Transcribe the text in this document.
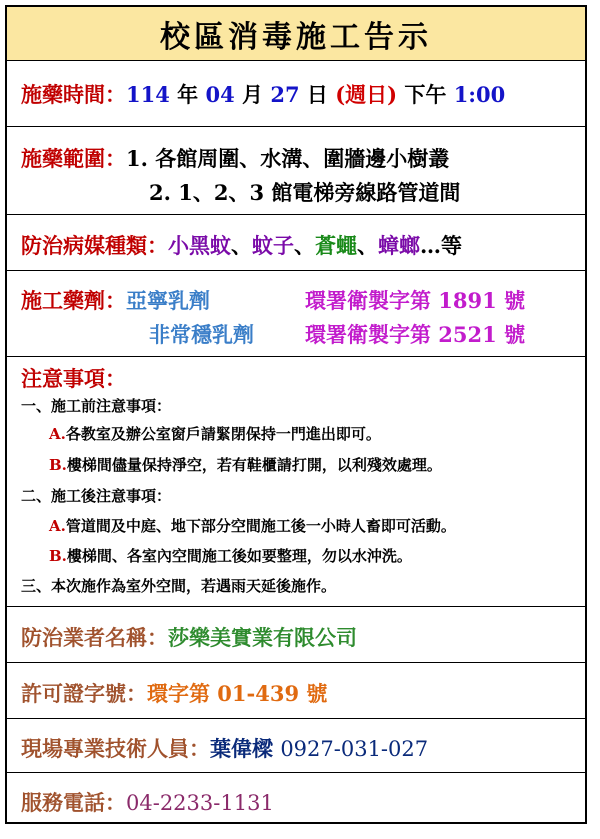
校區消毒施工告示
施藥時間：114 年 04 月 27 日 (週日) 下午 1:00
施藥範圍：1. 各館周圍、水溝、圍牆邊小樹叢
2. 1、2、3 館電梯旁線路管道間
防治病媒種類：小黑蚊、蚊子、蒼蠅、蟑螂…等
施工藥劑：亞寧乳劑	環署衛製字第 1891 號
非常穩乳劑 環署衛製字第 2521 號
注意事項：
一、施工前注意事項：
A.各教室及辦公室窗戶請緊閉保持一門進出即可。
B.樓梯間儘量保持淨空，若有鞋櫃請打開，以利殘效處理。
二、施工後注意事項：
A.管道間及中庭、地下部分空間施工後一小時人畜即可活動。
B.樓梯間、各室內空間施工後如要整理，勿以水沖洗。
三、本次施作為室外空間，若遇雨天延後施作。
防治業者名稱：莎樂美實業有限公司
許可證字號：環字第 01-439 號
現場專業技術人員：葉偉樑 0927-031-027
服務電話：04-2233-1131
